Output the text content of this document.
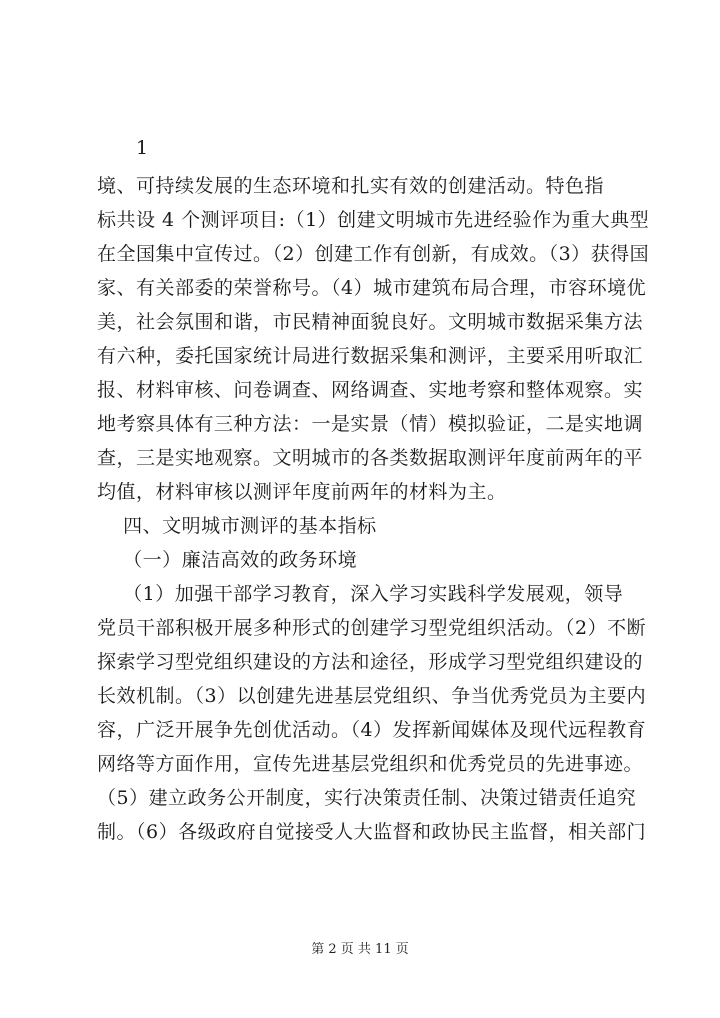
1
境、可持续发展的生态环境和扎实有效的创建活动。特色指
标共设 4 个测评项目:（1）创建文明城市先进经验作为重大典型
在全国集中宣传过。（2）创建工作有创新，有成效。（3）获得国
家、有关部委的荣誉称号。（4）城市建筑布局合理，市容环境优
美，社会氛围和谐，市民精神面貌良好。文明城市数据采集方法
有六种，委托国家统计局进行数据采集和测评，主要采用听取汇
报、材料审核、问卷调查、网络调查、实地考察和整体观察。实
地考察具体有三种方法：一是实景（情）模拟验证，二是实地调
查，三是实地观察。文明城市的各类数据取测评年度前两年的平
均值，材料审核以测评年度前两年的材料为主。
四、文明城市测评的基本指标
（一）廉洁高效的政务环境
（1）加强干部学习教育，深入学习实践科学发展观，领导
党员干部积极开展多种形式的创建学习型党组织活动。（2）不断
探索学习型党组织建设的方法和途径，形成学习型党组织建设的
长效机制。（3）以创建先进基层党组织、争当优秀党员为主要内
容，广泛开展争先创优活动。（4）发挥新闻媒体及现代远程教育
网络等方面作用，宣传先进基层党组织和优秀党员的先进事迹。
（5）建立政务公开制度，实行决策责任制、决策过错责任追究
制。（6）各级政府自觉接受人大监督和政协民主监督，相关部门
第 2 页 共 11 页
